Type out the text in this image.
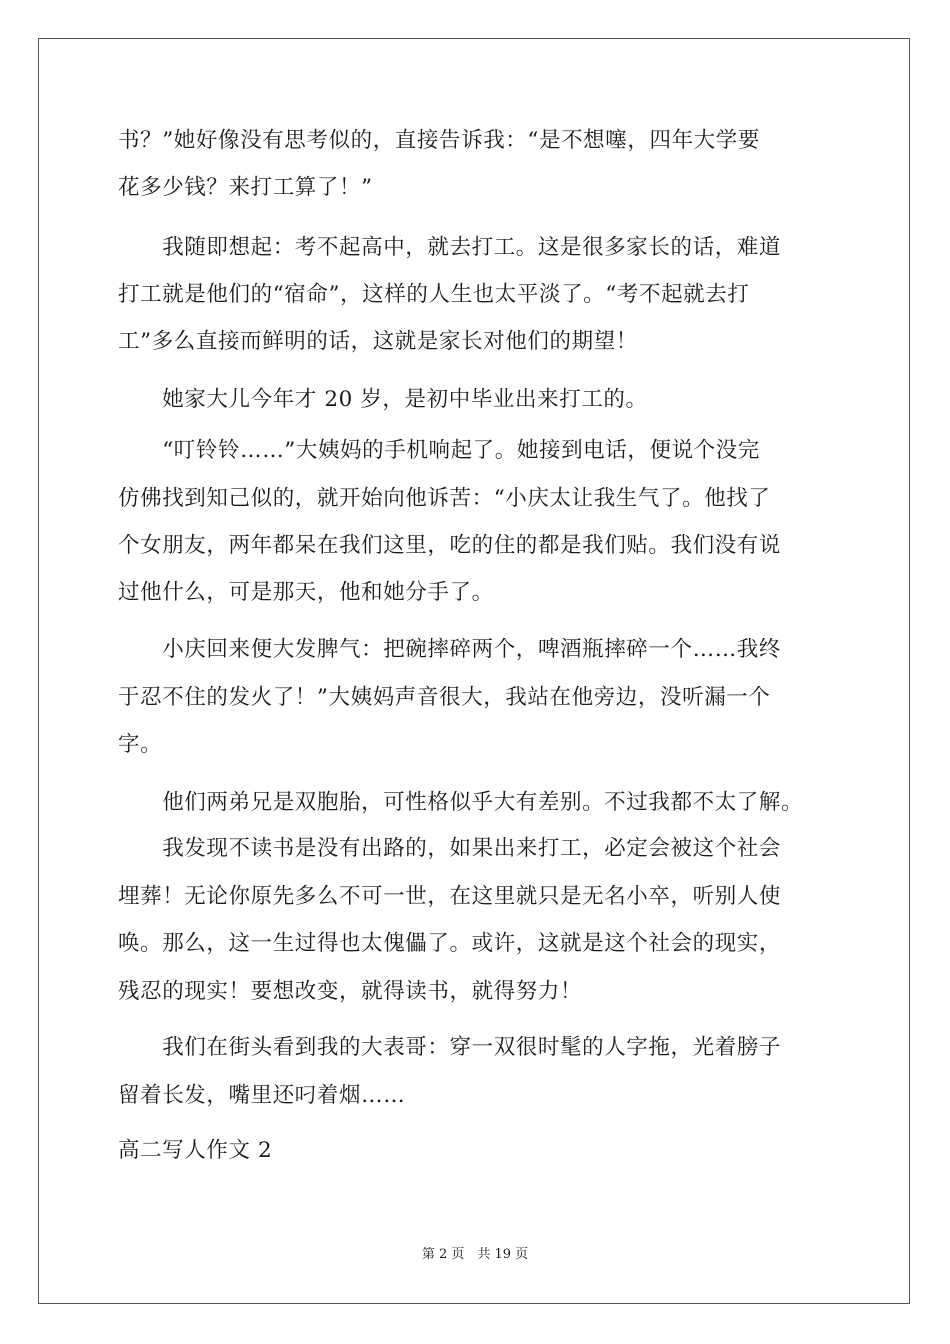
书？”她好像没有思考似的，直接告诉我：“是不想噻，四年大学要
花多少钱？来打工算了！”
　　我随即想起：考不起高中，就去打工。这是很多家长的话，难道
打工就是他们的“宿命”，这样的人生也太平淡了。“考不起就去打
工”多么直接而鲜明的话，这就是家长对他们的期望！
　　她家大儿今年才 20 岁，是初中毕业出来打工的。
　　“叮铃铃……”大姨妈的手机响起了。她接到电话，便说个没完
仿佛找到知己似的，就开始向他诉苦：“小庆太让我生气了。他找了
个女朋友，两年都呆在我们这里，吃的住的都是我们贴。我们没有说
过他什么，可是那天，他和她分手了。
　　小庆回来便大发脾气：把碗摔碎两个，啤酒瓶摔碎一个……我终
于忍不住的发火了！”大姨妈声音很大，我站在他旁边，没听漏一个
字。
　　他们两弟兄是双胞胎，可性格似乎大有差别。不过我都不太了解。
　　我发现不读书是没有出路的，如果出来打工，必定会被这个社会
埋葬！无论你原先多么不可一世，在这里就只是无名小卒，听别人使
唤。那么，这一生过得也太傀儡了。或许，这就是这个社会的现实，
残忍的现实！要想改变，就得读书，就得努力！
　　我们在街头看到我的大表哥：穿一双很时髦的人字拖，光着膀子
留着长发，嘴里还叼着烟……
高二写人作文 2
第 2 页　共 19 页
